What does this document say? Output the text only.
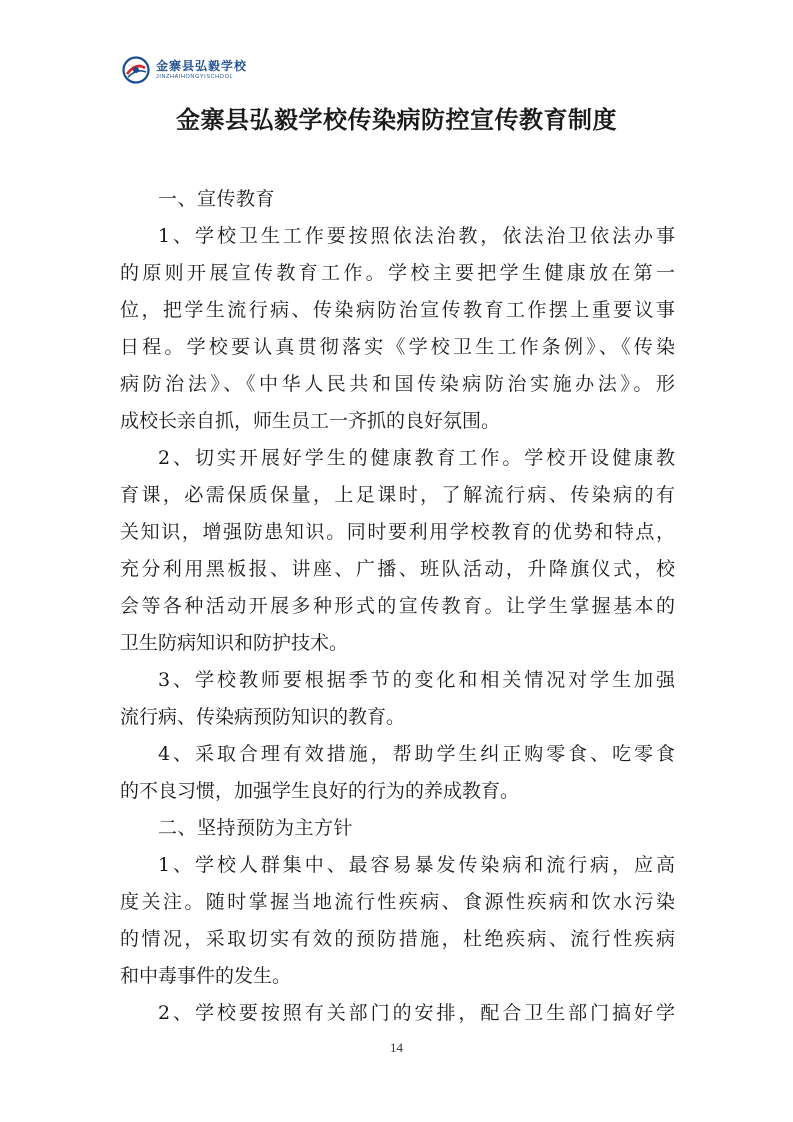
金寨县弘毅学校
JINZHAIHONGYISCHOOL
金寨县弘毅学校传染病防控宣传教育制度
一、宣传教育
1、学校卫生工作要按照依法治教，依法治卫依法办事
的原则开展宣传教育工作。学校主要把学生健康放在第一
位，把学生流行病、传染病防治宣传教育工作摆上重要议事
日程。学校要认真贯彻落实《学校卫生工作条例》、《传染
病防治法》、《中华人民共和国传染病防治实施办法》。形
成校长亲自抓，师生员工一齐抓的良好氛围。
2、切实开展好学生的健康教育工作。学校开设健康教
育课，必需保质保量，上足课时，了解流行病、传染病的有
关知识，增强防患知识。同时要利用学校教育的优势和特点，
充分利用黑板报、讲座、广播、班队活动，升降旗仪式，校
会等各种活动开展多种形式的宣传教育。让学生掌握基本的
卫生防病知识和防护技术。
3、学校教师要根据季节的变化和相关情况对学生加强
流行病、传染病预防知识的教育。
4、采取合理有效措施，帮助学生纠正购零食、吃零食
的不良习惯，加强学生良好的行为的养成教育。
二、坚持预防为主方针
1、学校人群集中、最容易暴发传染病和流行病，应高
度关注。随时掌握当地流行性疾病、食源性疾病和饮水污染
的情况，采取切实有效的预防措施，杜绝疾病、流行性疾病
和中毒事件的发生。
2、学校要按照有关部门的安排，配合卫生部门搞好学
14
